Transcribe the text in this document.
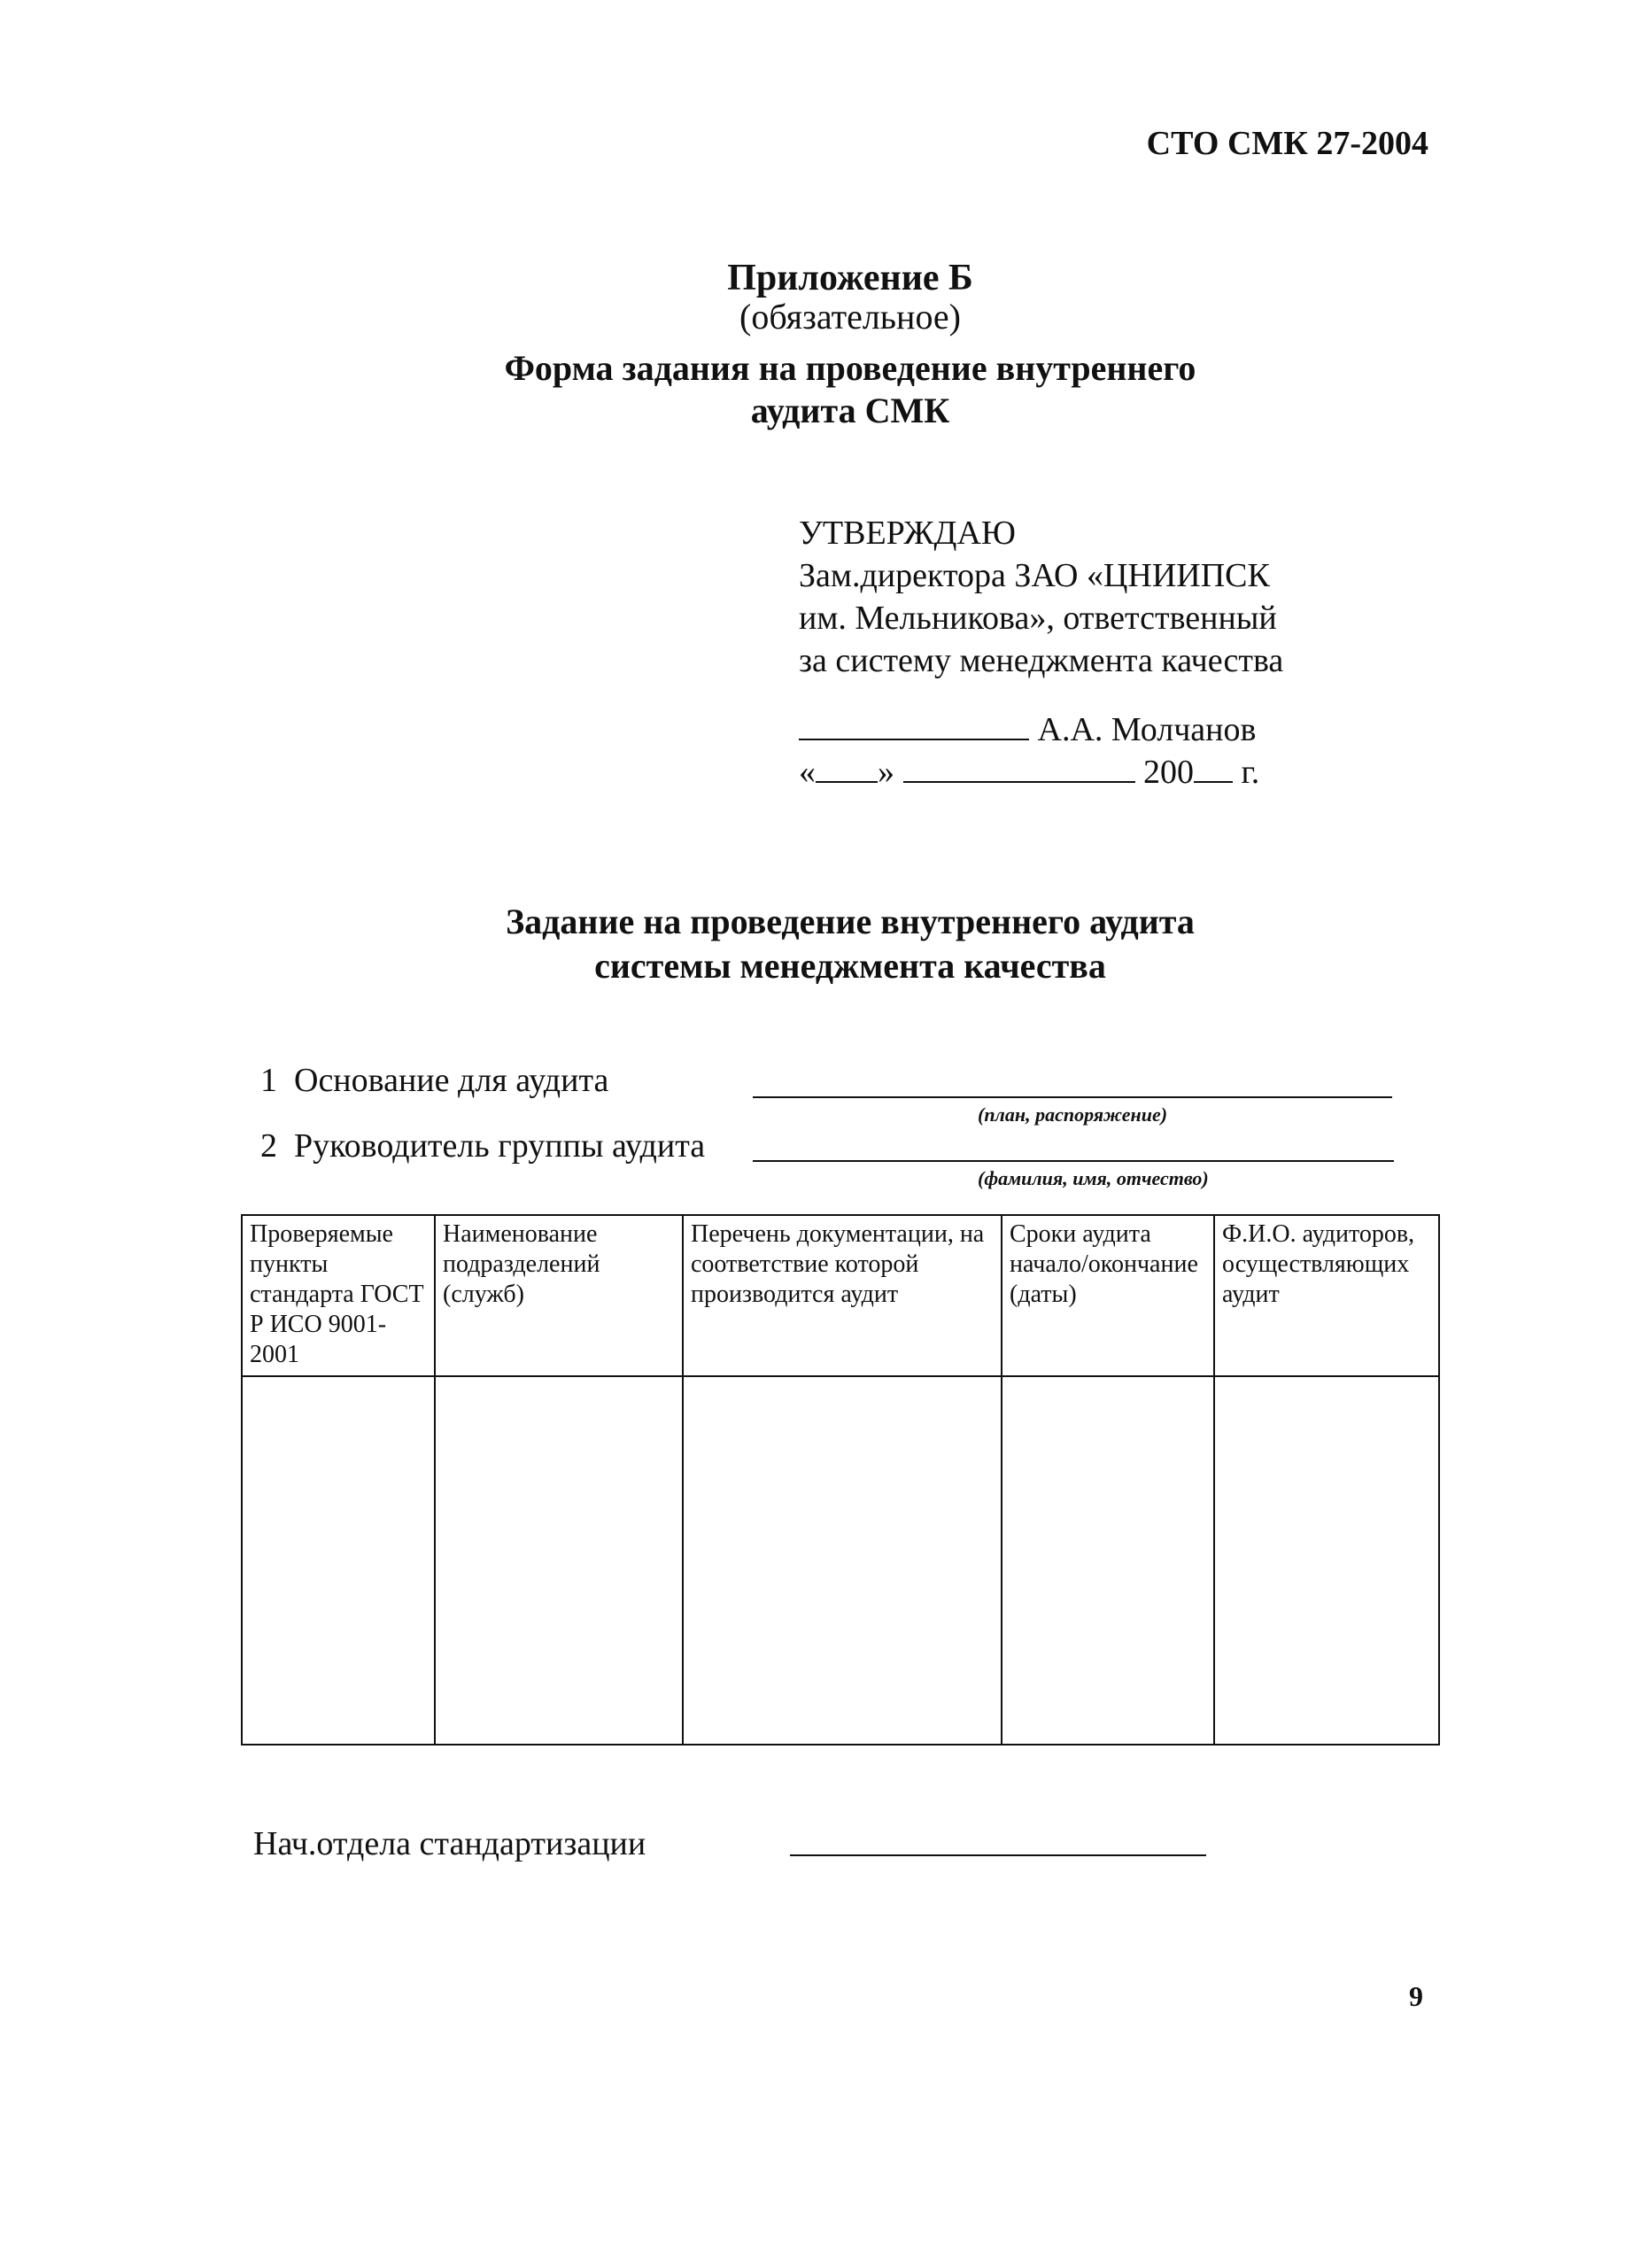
СТО СМК 27-2004
Приложение Б
(обязательное)
Форма задания на проведение внутреннего
аудита СМК
УТВЕРЖДАЮ
Зам.директора ЗАО «ЦНИИПСК
им. Мельникова», ответственный
за систему менеджмента качества
А.А. Молчанов
« »	200 г.
Задание на проведение внутреннего аудита
системы менеджмента качества
1 Основание для аудита
(план, распоряжение)
2 Руководитель группы аудита
(фамилия, имя, отчество)
Проверяемые пункты стандарта ГОСТ Р ИСО 9001-2001	Наименование подразделений (служб)	Перечень документации, на соответствие которой производится аудит	Сроки аудита начало/окончание (даты)	Ф.И.О. аудиторов, осуществляющих аудит

Нач.отдела стандартизации
9
